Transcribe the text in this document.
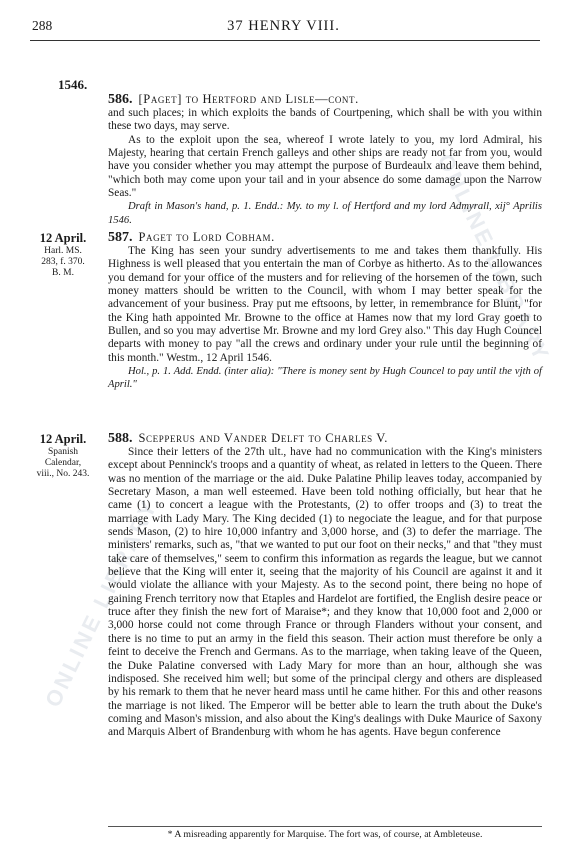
ONLINE LIBRARY
ONLINE LIBRARY
288	37 HENRY VIII.
1546.
586. [Paget] to Hertford and Lisle—cont.

and such places; in which exploits the bands of Courtpening, which shall be with you within these two days, may serve.

As to the exploit upon the sea, whereof I wrote lately to you, my lord Admiral, his Majesty, hearing that certain French galleys and other ships are ready not far from you, would have you consider whether you may attempt the purpose of Burdeaulx and leave them behind, "which both may come upon your tail and in your absence do some damage upon the Narrow Seas."

Draft in Mason's hand, p. 1. Endd.: My. to my l. of Hertford and my lord Admyrall, xij° Aprilis 1546.

12 April.
Harl. MS.
283, f. 370.
B. M.
587. Paget to Lord Cobham.

The King has seen your sundry advertisements to me and takes them thankfully. His Highness is well pleased that you entertain the man of Corbye as hitherto. As to the allowances you demand for your office of the musters and for relieving of the horsemen of the town, such money matters should be written to the Council, with whom I may better speak for the advancement of your business. Pray put me eftsoons, by letter, in remembrance for Blunt, "for the King hath appointed Mr. Browne to the office at Hames now that my lord Gray goeth to Bullen, and so you may advertise Mr. Browne and my lord Grey also." This day Hugh Councel departs with money to pay "all the crews and ordinary under your rule until the beginning of this month." Westm., 12 April 1546.

Hol., p. 1. Add. Endd. (inter alia): "There is money sent by Hugh Councel to pay until the vjth of April."

12 April.
Spanish
Calendar,
viii., No. 243.
588. Scepperus and Vander Delft to Charles V.

Since their letters of the 27th ult., have had no communication with the King's ministers except about Penninck's troops and a quantity of wheat, as related in letters to the Queen. There was no mention of the marriage or the aid. Duke Palatine Philip leaves today, accompanied by Secretary Mason, a man well esteemed. Have been told nothing officially, but hear that he came (1) to concert a league with the Protestants, (2) to offer troops and (3) to treat the marriage with Lady Mary. The King decided (1) to negociate the league, and for that purpose sends Mason, (2) to hire 10,000 infantry and 3,000 horse, and (3) to defer the marriage. The ministers' remarks, such as, "that we wanted to put our foot on their necks," and that "they must take care of themselves," seem to confirm this information as regards the league, but we cannot believe that the King will enter it, seeing that the majority of his Council are against it and it would violate the alliance with your Majesty. As to the second point, there being no hope of gaining French territory now that Etaples and Hardelot are fortified, the English desire peace or truce after they finish the new fort of Maraise*; and they know that 10,000 foot and 2,000 or 3,000 horse could not come through France or through Flanders without your consent, and there is no time to put an army in the field this season. Their action must therefore be only a feint to deceive the French and Germans. As to the marriage, when taking leave of the Queen, the Duke Palatine conversed with Lady Mary for more than an hour, although she was indisposed. She received him well; but some of the principal clergy and others are displeased by his remark to them that he never heard mass until he came hither. For this and other reasons the marriage is not liked. The Emperor will be better able to learn the truth about the Duke's coming and Mason's mission, and also about the King's dealings with Duke Maurice of Saxony and Marquis Albert of Brandenburg with whom he has agents. Have begun conference

* A misreading apparently for Marquise. The fort was, of course, at Ambleteuse.
